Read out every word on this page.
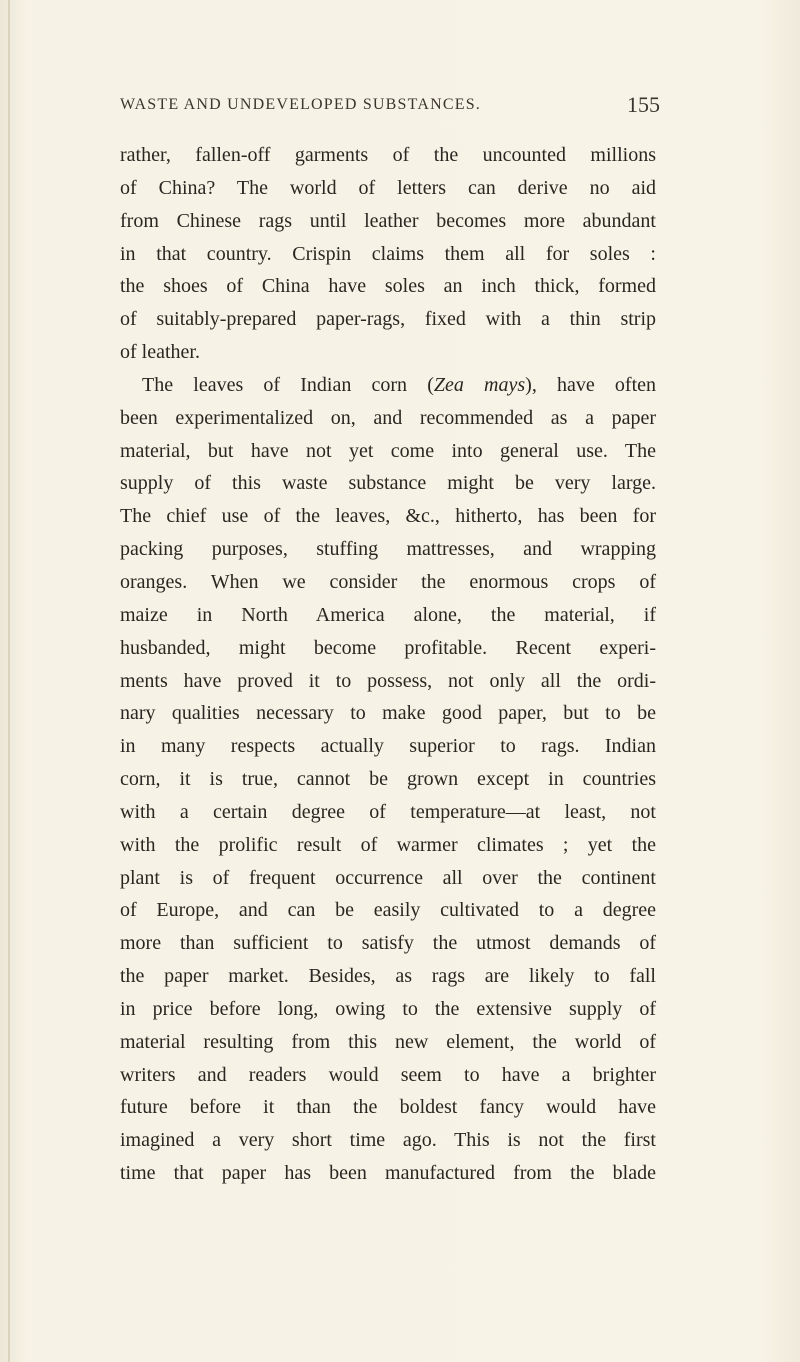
WASTE AND UNDEVELOPED SUBSTANCES.	155
rather, fallen-off garments of the uncounted millions
of China? The world of letters can derive no aid
from Chinese rags until leather becomes more abundant
in that country. Crispin claims them all for soles :
the shoes of China have soles an inch thick, formed
of suitably-prepared paper-rags, fixed with a thin strip
of leather.
The leaves of Indian corn (Zea mays), have often
been experimentalized on, and recommended as a paper
material, but have not yet come into general use. The
supply of this waste substance might be very large.
The chief use of the leaves, &c., hitherto, has been for
packing purposes, stuffing mattresses, and wrapping
oranges. When we consider the enormous crops of
maize in North America alone, the material, if
husbanded, might become profitable. Recent experi-
ments have proved it to possess, not only all the ordi-
nary qualities necessary to make good paper, but to be
in many respects actually superior to rags. Indian
corn, it is true, cannot be grown except in countries
with a certain degree of temperature—at least, not
with the prolific result of warmer climates ; yet the
plant is of frequent occurrence all over the continent
of Europe, and can be easily cultivated to a degree
more than sufficient to satisfy the utmost demands of
the paper market. Besides, as rags are likely to fall
in price before long, owing to the extensive supply of
material resulting from this new element, the world of
writers and readers would seem to have a brighter
future before it than the boldest fancy would have
imagined a very short time ago. This is not the first
time that paper has been manufactured from the blade
